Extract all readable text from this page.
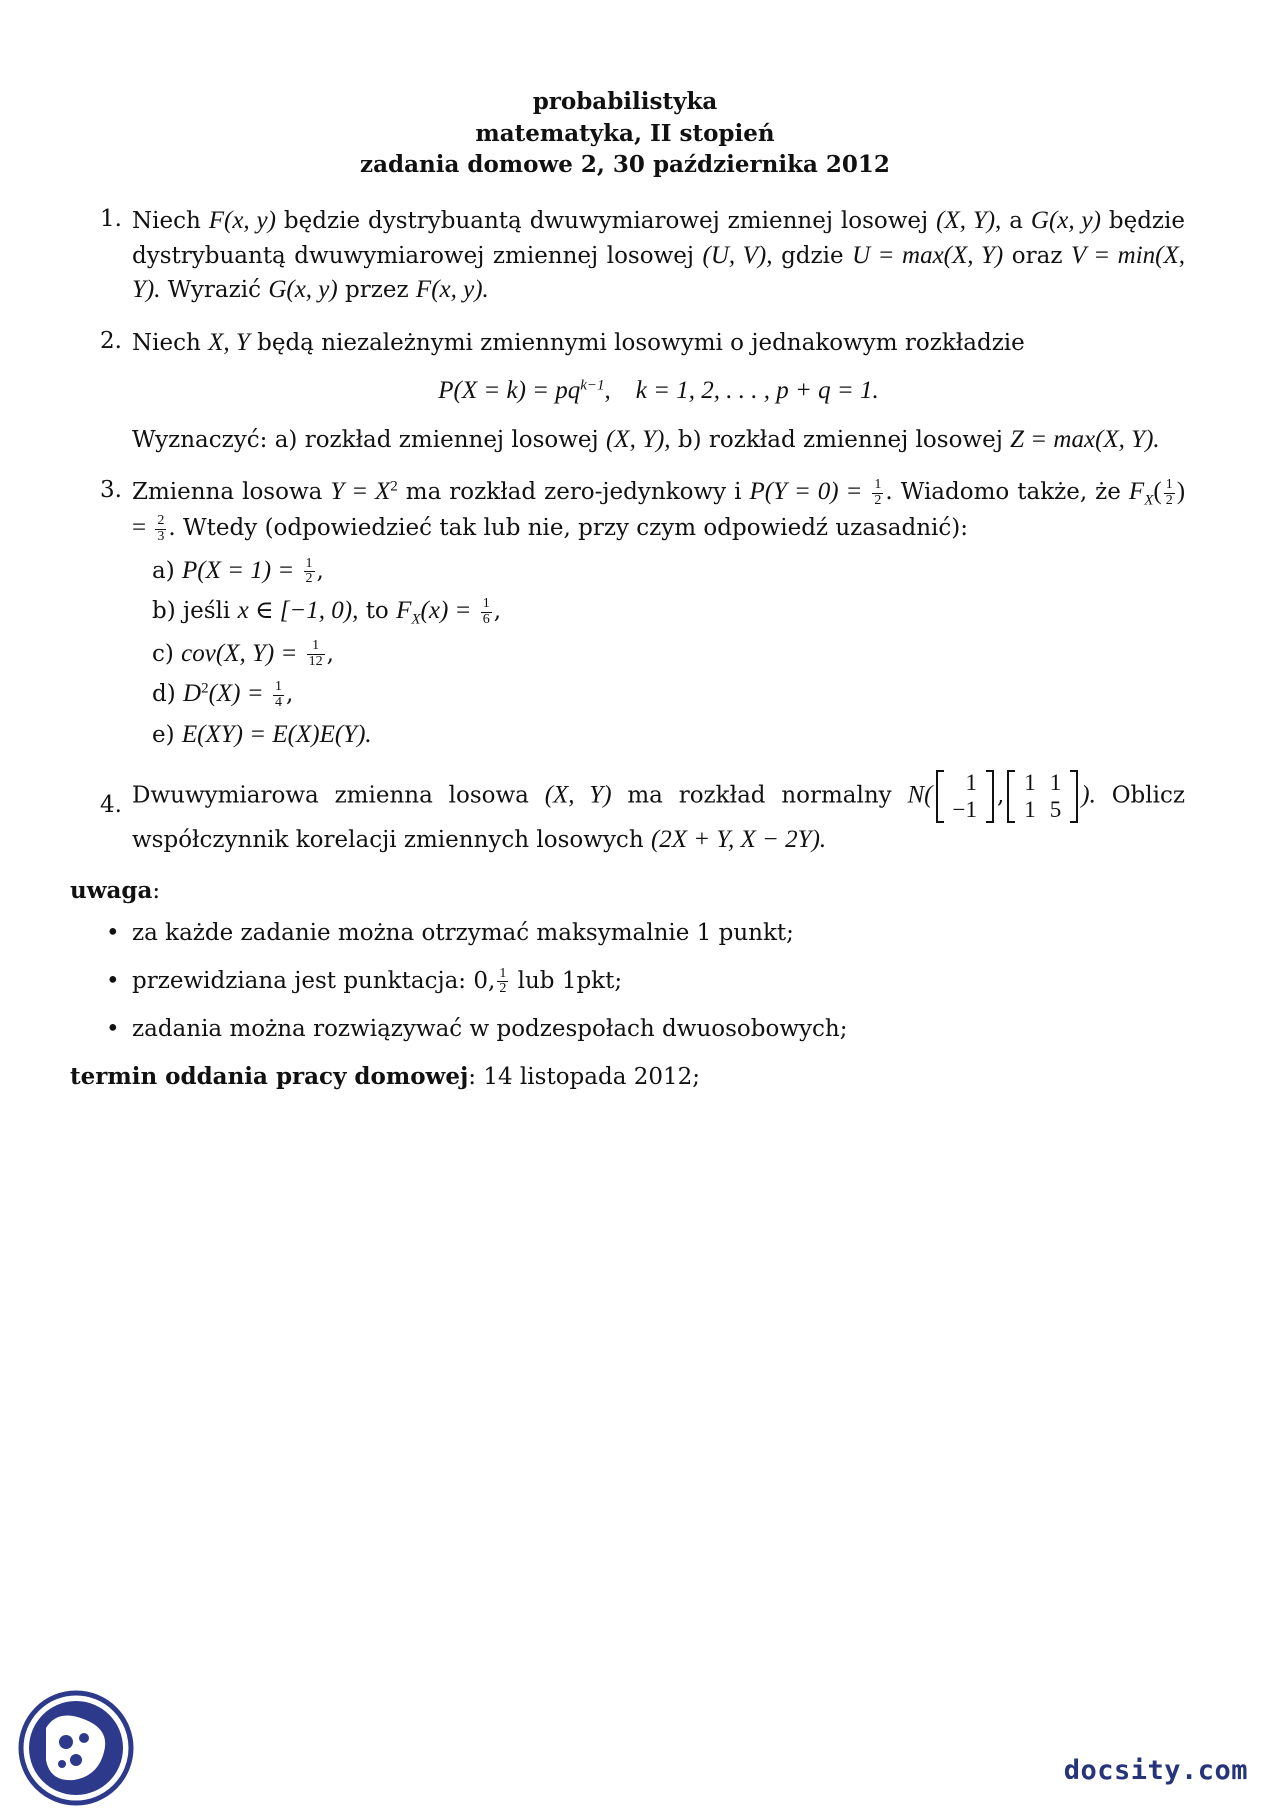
probabilistyka
matematyka, II stopień
zadania domowe 2, 30 października 2012
1. Niech F(x, y) będzie dystrybuantą dwuwymiarowej zmiennej losowej (X, Y), a G(x, y) będzie dystrybuantą dwuwymiarowej zmiennej losowej (U, V), gdzie U = max(X, Y) oraz V = min(X, Y). Wyrazić G(x, y) przez F(x, y).
2. Niech X, Y będą niezależnymi zmiennymi losowymi o jednakowym rozkładzie
$P(X = k) = pq^{k-1}$,    k = 1, 2, . . . , p + q = 1.
Wyznaczyć: a) rozkład zmiennej losowej (X, Y), b) rozkład zmiennej losowej Z = max(X, Y).
3. Zmienna losowa $Y = X^2$ ma rozkład zero-jedynkowy i $P(Y = 0) = \frac{1}{2}$ . Wiadomo także, że $F_X( \frac{1}{2}$ ) = $\frac{2}{3}$ . Wtedy (odpowiedzieć tak lub nie, przy czym odpowiedź uzasadnić):
a) $P(X = 1) = \frac{1}{2}$ ,
b) jeśli x ∈ [−1, 0), to $F_X(x) = \frac{1}{6}$ ,
c) cov(X, $Y) = \frac{1}{12}$ ,
d) $D^2(X) = \frac{1}{4}$ ,
e) E(XY) = E(X)E(Y).
4. Dwuwymiarowa zmienna losowa (X, Y) ma rozkład normalny N( 1
−1
, 1	1
1	5
). Oblicz współczynnik korelacji zmiennych losowych (2X + Y, X − 2Y).
uwaga:
• za każde zadanie można otrzymać maksymalnie 1 punkt;
• przewidziana jest punktacja: 0, $\frac{1}{2}$ lub 1pkt;
• zadania można rozwiązywać w podzespołach dwuosobowych;
termin oddania pracy domowej: 14 listopada 2012;
docsity.com
